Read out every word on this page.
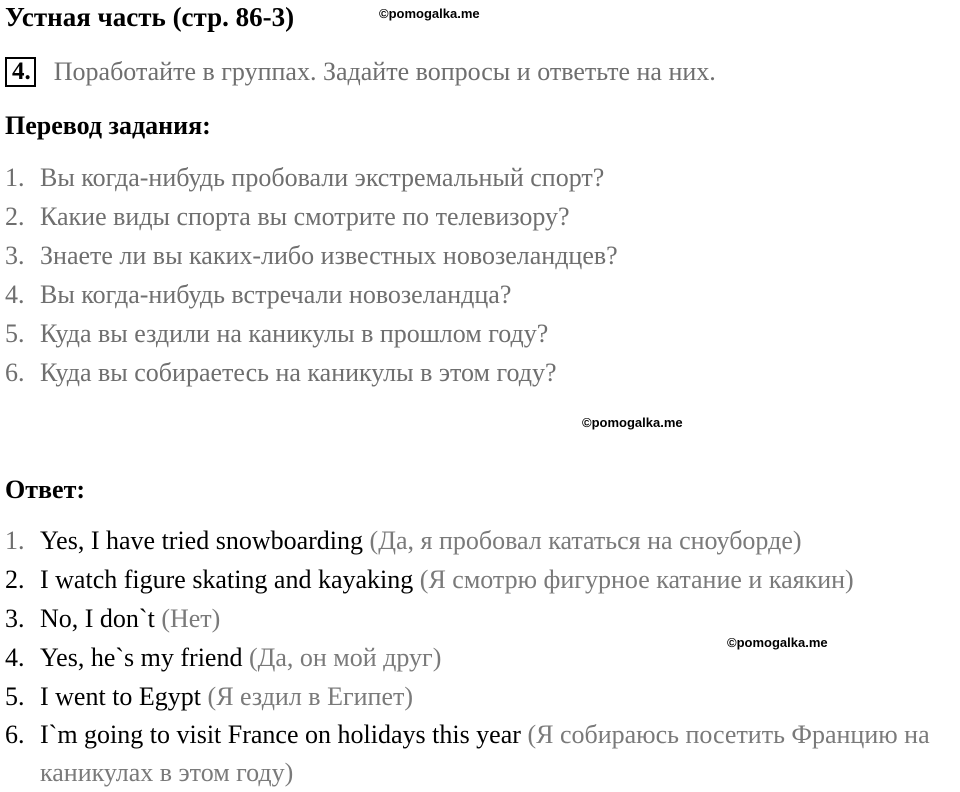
Устная часть (стр. 86-3)	©pomogalka.me
4. Поработайте в группах. Задайте вопросы и ответьте на них.
Перевод задания:
1. Вы когда-нибудь пробовали экстремальный спорт?
2. Какие виды спорта вы смотрите по телевизору?
3. Знаете ли вы каких-либо известных новозеландцев?
4. Вы когда-нибудь встречали новозеландца?
5. Куда вы ездили на каникулы в прошлом году?
6. Куда вы собираетесь на каникулы в этом году?
©pomogalka.me
Ответ:
1. Yes, I have tried snowboarding (Да, я пробовал кататься на сноуборде)
2. I watch figure skating and kayaking (Я смотрю фигурное катание и каякин)
3. No, I don`t (Нет)
4. Yes, he`s my friend (Да, он мой друг)
5. I went to Egypt (Я ездил в Египет)
6. I`m going to visit France on holidays this year (Я собираюсь посетить Францию на каникулах в этом году)
©pomogalka.me
